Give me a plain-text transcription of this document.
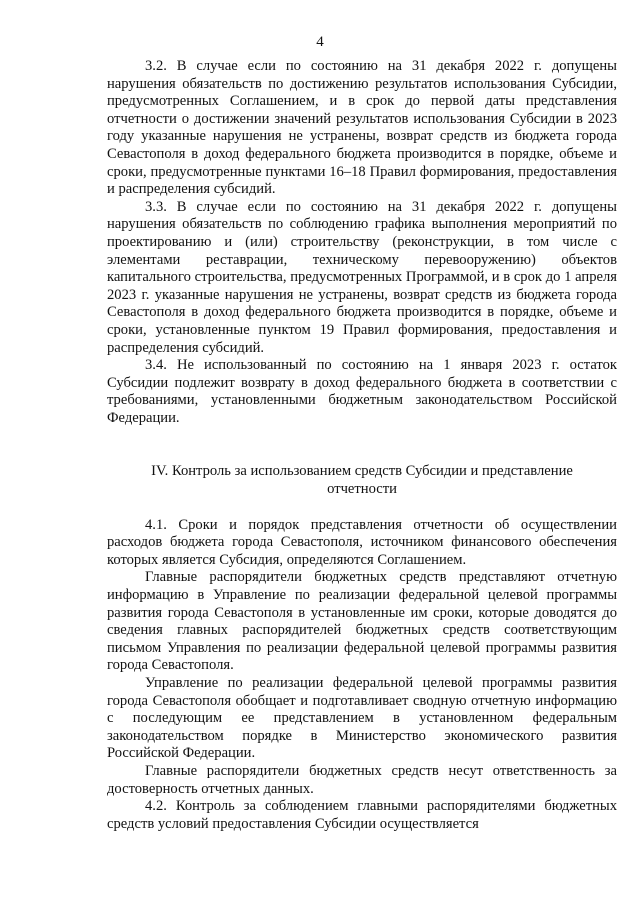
4

3.2. В случае если по состоянию на 31 декабря 2022 г. допущены нарушения обязательств по достижению результатов использования Субсидии, предусмотренных Соглашением, и в срок до первой даты представления отчетности о достижении значений результатов использования Субсидии в 2023 году указанные нарушения не устранены, возврат средств из бюджета города Севастополя в доход федерального бюджета производится в порядке, объеме и сроки, предусмотренные пунктами 16–18 Правил формирования, предоставления и распределения субсидий.

3.3. В случае если по состоянию на 31 декабря 2022 г. допущены нарушения обязательств по соблюдению графика выполнения мероприятий по проектированию и (или) строительству (реконструкции, в том числе с элементами реставрации, техническому перевооружению) объектов капитального строительства, предусмотренных Программой, и в срок до 1 апреля 2023 г. указанные нарушения не устранены, возврат средств из бюджета города Севастополя в доход федерального бюджета производится в порядке, объеме и сроки, установленные пунктом 19 Правил формирования, предоставления и распределения субсидий.

3.4. Не использованный по состоянию на 1 января 2023 г. остаток Субсидии подлежит возврату в доход федерального бюджета в соответствии с требованиями, установленными бюджетным законодательством Российской Федерации.

IV. Контроль за использованием средств Субсидии и представление
отчетности

4.1. Сроки и порядок представления отчетности об осуществлении расходов бюджета города Севастополя, источником финансового обеспечения которых является Субсидия, определяются Соглашением.

Главные распорядители бюджетных средств представляют отчетную информацию в Управление по реализации федеральной целевой программы развития города Севастополя в установленные им сроки, которые доводятся до сведения главных распорядителей бюджетных средств соответствующим письмом Управления по реализации федеральной целевой программы развития города Севастополя.

Управление по реализации федеральной целевой программы развития города Севастополя обобщает и подготавливает сводную отчетную информацию с последующим ее представлением в установленном федеральным законодательством порядке в Министерство экономического развития Российской Федерации.

Главные распорядители бюджетных средств несут ответственность за достоверность отчетных данных.

4.2. Контроль за соблюдением главными распорядителями бюджетных средств условий предоставления Субсидии осуществляется
